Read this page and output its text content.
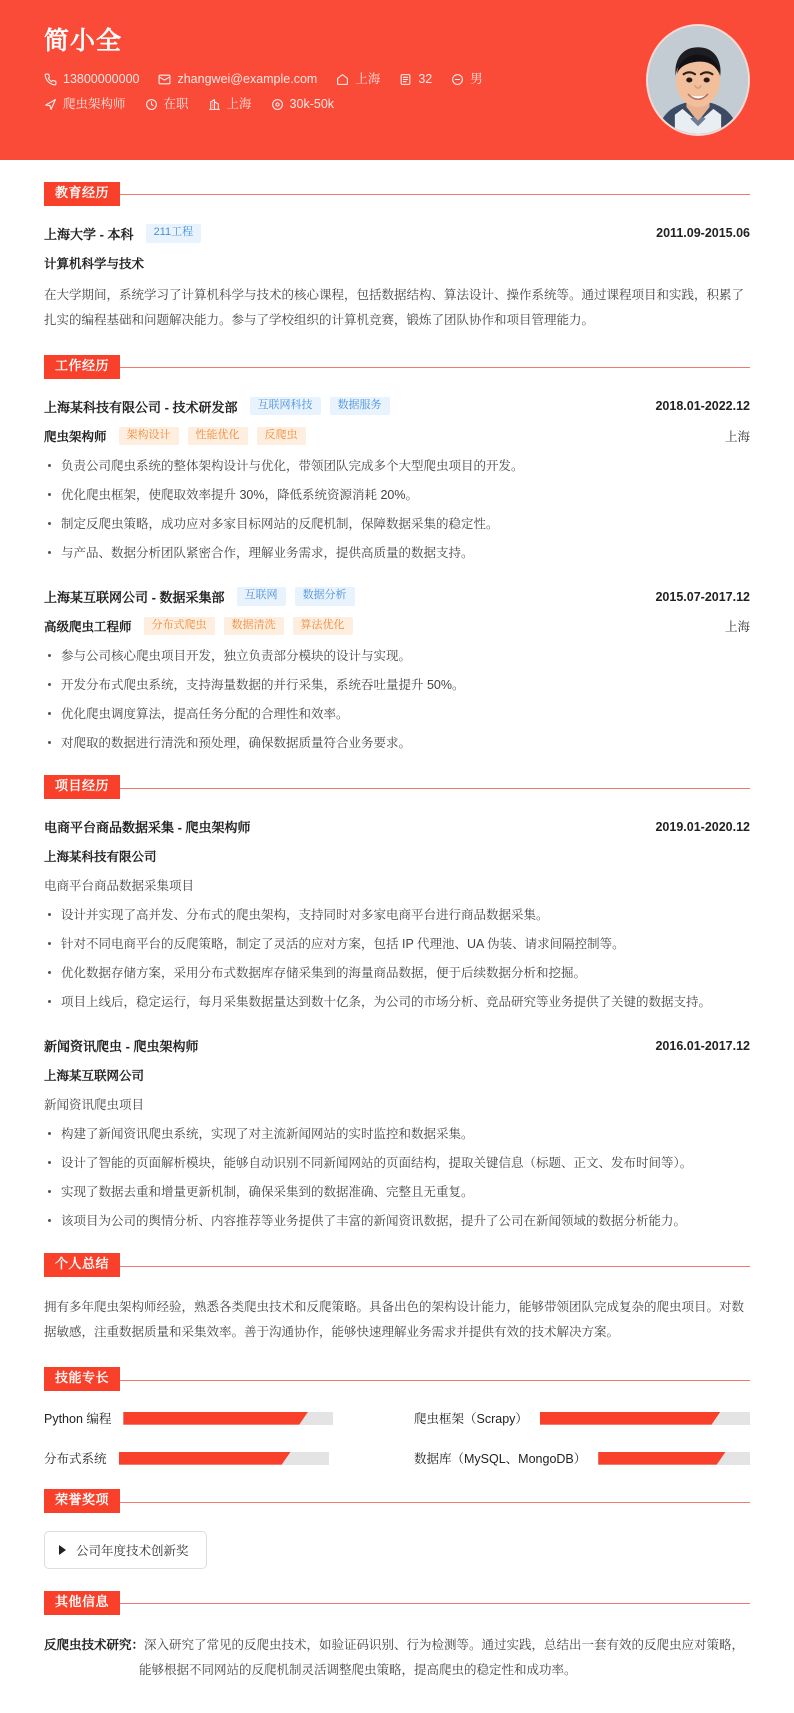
简小全
13800000000	zhangwei@example.com	上海	32	男
爬虫架构师	在职	上海	30k-50k
教育经历
上海大学 - 本科	211工程	2011.09-2015.06
计算机科学与技术
在大学期间，系统学习了计算机科学与技术的核心课程，包括数据结构、算法设计、操作系统等。通过课程项目和实践，积累了扎实的编程基础和问题解决能力。参与了学校组织的计算机竞赛，锻炼了团队协作和项目管理能力。
工作经历
上海某科技有限公司 - 技术研发部	互联网科技	数据服务	2018.01-2022.12
爬虫架构师	架构设计	性能优化	反爬虫	上海
负责公司爬虫系统的整体架构设计与优化，带领团队完成多个大型爬虫项目的开发。
优化爬虫框架，使爬取效率提升 30%，降低系统资源消耗 20%。
制定反爬虫策略，成功应对多家目标网站的反爬机制，保障数据采集的稳定性。
与产品、数据分析团队紧密合作，理解业务需求，提供高质量的数据支持。
上海某互联网公司 - 数据采集部	互联网	数据分析	2015.07-2017.12
高级爬虫工程师	分布式爬虫	数据清洗	算法优化	上海
参与公司核心爬虫项目开发，独立负责部分模块的设计与实现。
开发分布式爬虫系统，支持海量数据的并行采集，系统吞吐量提升 50%。
优化爬虫调度算法，提高任务分配的合理性和效率。
对爬取的数据进行清洗和预处理，确保数据质量符合业务要求。
项目经历
电商平台商品数据采集 - 爬虫架构师	2019.01-2020.12
上海某科技有限公司
电商平台商品数据采集项目
设计并实现了高并发、分布式的爬虫架构，支持同时对多家电商平台进行商品数据采集。
针对不同电商平台的反爬策略，制定了灵活的应对方案，包括 IP 代理池、UA 伪装、请求间隔控制等。
优化数据存储方案，采用分布式数据库存储采集到的海量商品数据，便于后续数据分析和挖掘。
项目上线后，稳定运行，每月采集数据量达到数十亿条，为公司的市场分析、竞品研究等业务提供了关键的数据支持。
新闻资讯爬虫 - 爬虫架构师	2016.01-2017.12
上海某互联网公司
新闻资讯爬虫项目
构建了新闻资讯爬虫系统，实现了对主流新闻网站的实时监控和数据采集。
设计了智能的页面解析模块，能够自动识别不同新闻网站的页面结构，提取关键信息（标题、正文、发布时间等）。
实现了数据去重和增量更新机制，确保采集到的数据准确、完整且无重复。
该项目为公司的舆情分析、内容推荐等业务提供了丰富的新闻资讯数据，提升了公司在新闻领域的数据分析能力。
个人总结
拥有多年爬虫架构师经验，熟悉各类爬虫技术和反爬策略。具备出色的架构设计能力，能够带领团队完成复杂的爬虫项目。对数据敏感，注重数据质量和采集效率。善于沟通协作，能够快速理解业务需求并提供有效的技术解决方案。
技能专长
Python 编程	爬虫框架（Scrapy）
分布式系统	数据库（MySQL、MongoDB）
荣誉奖项
公司年度技术创新奖
其他信息
反爬虫技术研究：深入研究了常见的反爬虫技术，如验证码识别、行为检测等。通过实践，总结出一套有效的反爬虫应对策略，能够根据不同网站的反爬机制灵活调整爬虫策略，提高爬虫的稳定性和成功率。
